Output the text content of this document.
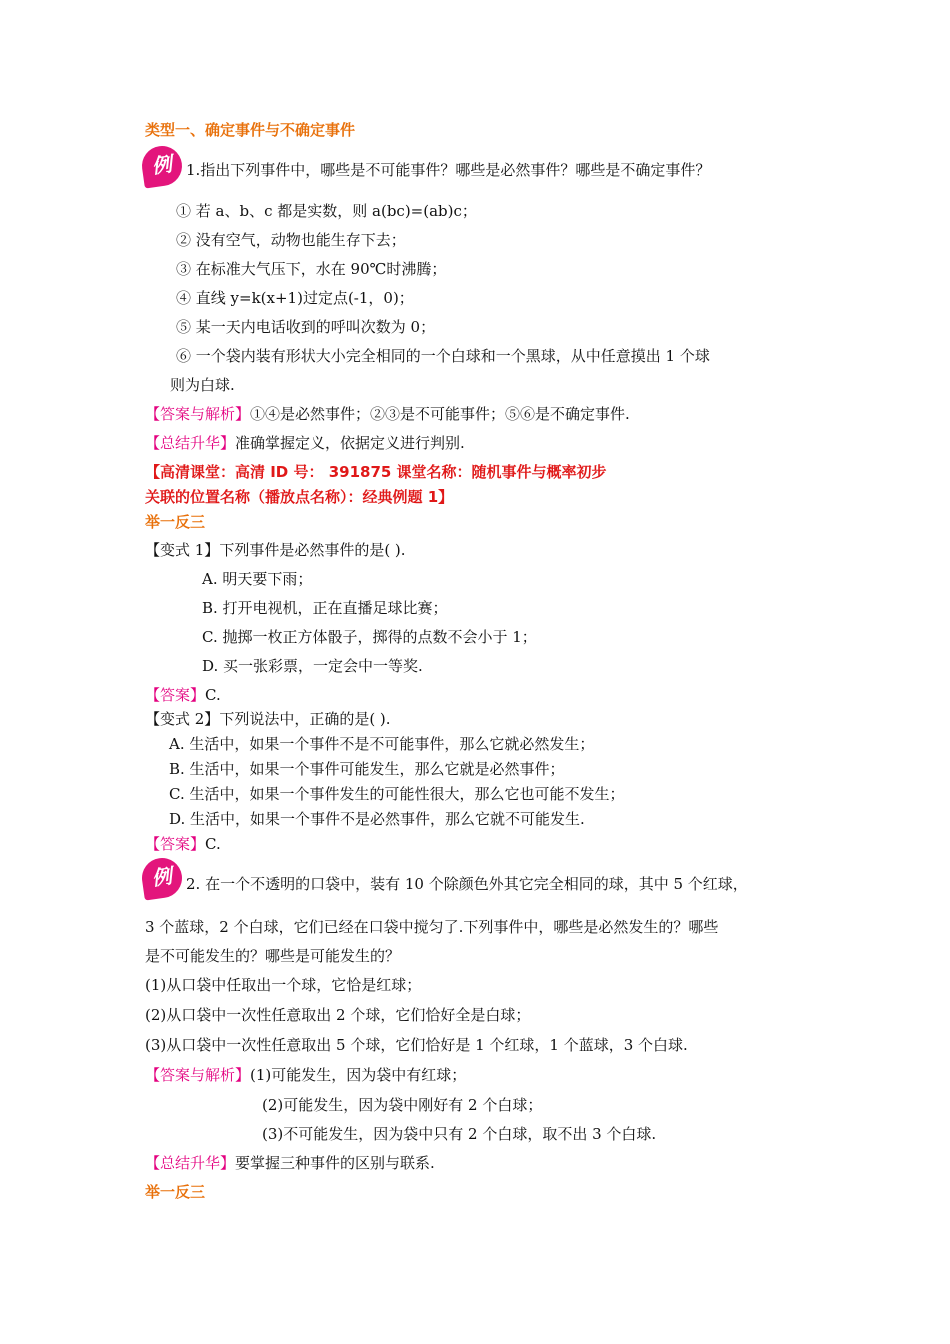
类型一、确定事件与不确定事件
例 1.指出下列事件中，哪些是不可能事件？哪些是必然事件？哪些是不确定事件？
① 若 a、b、c 都是实数，则 a(bc)=(ab)c；
② 没有空气，动物也能生存下去；
③ 在标准大气压下，水在 90℃时沸腾；
④ 直线 y=k(x+1)过定点(-1，0)；
⑤ 某一天内电话收到的呼叫次数为 0；
⑥ 一个袋内装有形状大小完全相同的一个白球和一个黑球，从中任意摸出 1 个球
则为白球.
【答案与解析】①④是必然事件；②③是不可能事件；⑤⑥是不确定事件.
【总结升华】准确掌握定义，依据定义进行判别.
【高清课堂：高清 ID 号： 391875 课堂名称：随机事件与概率初步
关联的位置名称（播放点名称）：经典例题 1】
举一反三
【变式 1】下列事件是必然事件的是( ).
A. 明天要下雨；
B. 打开电视机，正在直播足球比赛；
C. 抛掷一枚正方体骰子，掷得的点数不会小于 1；
D. 买一张彩票，一定会中一等奖.
【答案】C.
【变式 2】下列说法中，正确的是( ).
A. 生活中，如果一个事件不是不可能事件，那么它就必然发生；
B. 生活中，如果一个事件可能发生，那么它就是必然事件；
C. 生活中，如果一个事件发生的可能性很大，那么它也可能不发生；
D. 生活中，如果一个事件不是必然事件，那么它就不可能发生.
【答案】C.
例 2. 在一个不透明的口袋中，装有 10 个除颜色外其它完全相同的球，其中 5 个红球，
3 个蓝球，2 个白球，它们已经在口袋中搅匀了.下列事件中，哪些是必然发生的？哪些
是不可能发生的？哪些是可能发生的？
(1)从口袋中任取出一个球，它恰是红球；
(2)从口袋中一次性任意取出 2 个球，它们恰好全是白球；
(3)从口袋中一次性任意取出 5 个球，它们恰好是 1 个红球，1 个蓝球，3 个白球.
【答案与解析】(1)可能发生，因为袋中有红球；
(2)可能发生，因为袋中刚好有 2 个白球；
(3)不可能发生，因为袋中只有 2 个白球，取不出 3 个白球.
【总结升华】要掌握三种事件的区别与联系.
举一反三
